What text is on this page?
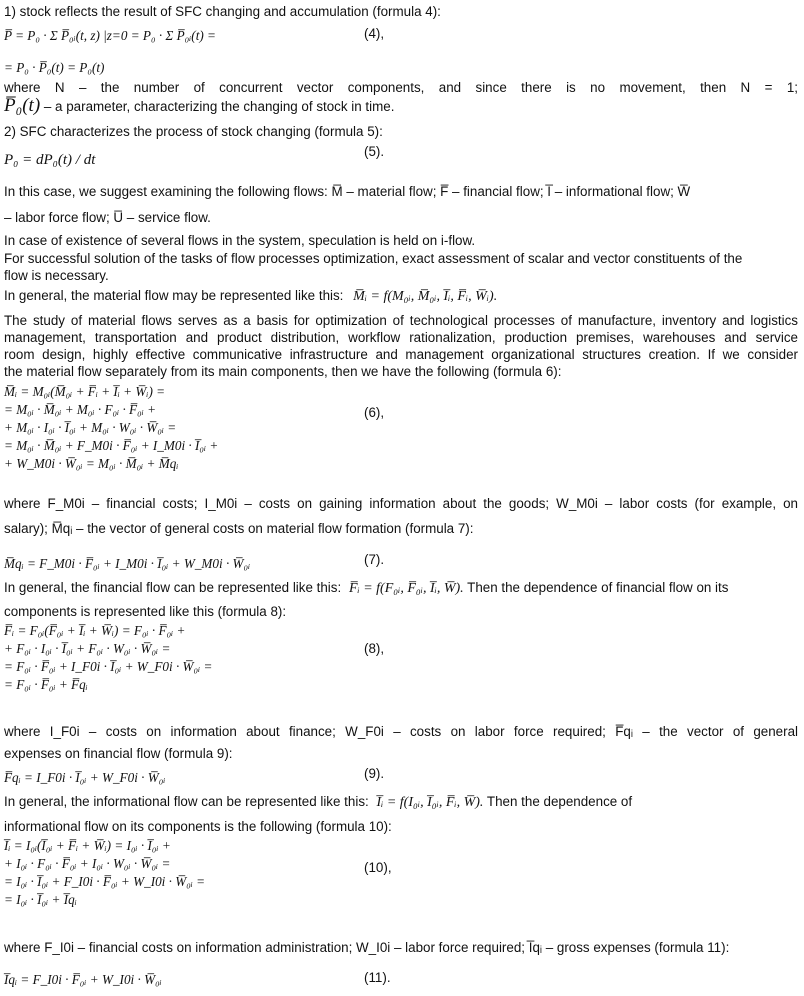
1) stock reflects the result of SFC changing and accumulation (formula 4):
P̅ = P₀ · Σ P̅₀ᵢ(t, z) |z=0 = P₀ · Σ P̅₀ᵢ(t) =	(4),
= P₀ · P̅₀(t) = P₀(t)
where N – the number of concurrent vector components, and since there is no movement, then N = 1;
P̅₀(t) – a parameter, characterizing the changing of stock in time.
2) SFC characterizes the process of stock changing (formula 5):
P₀ = dP₀(t) / dt
(5).
In this case, we suggest examining the following flows: M̅ – material flow; F̅ – financial flow; I̅ – informational flow; W̅
– labor force flow; U̅ – service flow.
In case of existence of several flows in the system, speculation is held on i-flow.
For successful solution of the tasks of flow processes optimization, exact assessment of scalar and vector constituents of the
flow is necessary.
In general, the material flow may be represented like this: M̅ᵢ = f(M₀ᵢ, M̅₀ᵢ, I̅ᵢ, F̅ᵢ, W̅ᵢ).
The study of material flows serves as a basis for optimization of technological processes of manufacture, inventory and logistics
management, transportation and product distribution, workflow rationalization, production premises, warehouses and service
room design, highly effective communicative infrastructure and management organizational structures creation. If we consider
the material flow separately from its main components, then we have the following (formula 6):
M̅ᵢ = M₀ᵢ(M̅₀ᵢ + F̅ᵢ + I̅ᵢ + W̅ᵢ) =
= M₀ᵢ · M̅₀ᵢ + M₀ᵢ · F₀ᵢ · F̅₀ᵢ +	(6),
+ M₀ᵢ · I₀ᵢ · I̅₀ᵢ + M₀ᵢ · W₀ᵢ · W̅₀ᵢ =
= M₀ᵢ · M̅₀ᵢ + F_M0i · F̅₀ᵢ + I_M0i · I̅₀ᵢ +
+ W_M0i · W̅₀ᵢ = M₀ᵢ · M̅₀ᵢ + M̅qᵢ
where F_M0i – financial costs; I_M0i – costs on gaining information about the goods; W_M0i – labor costs (for example, on
salary); M̅qᵢ – the vector of general costs on material flow formation (formula 7):
M̅qᵢ = F_M0i · F̅₀ᵢ + I_M0i · I̅₀ᵢ + W_M0i · W̅₀ᵢ	(7).
In general, the financial flow can be represented like this: F̅ᵢ = f(F₀ᵢ, F̅₀ᵢ, I̅ᵢ, W̅). Then the dependence of financial flow on its
components is represented like this (formula 8):
F̅ᵢ = F₀ᵢ(F̅₀ᵢ + I̅ᵢ + W̅ᵢ) = F₀ᵢ · F̅₀ᵢ +
+ F₀ᵢ · I₀ᵢ · I̅₀ᵢ + F₀ᵢ · W₀ᵢ · W̅₀ᵢ =	(8),
= F₀ᵢ · F̅₀ᵢ + I_F0i · I̅₀ᵢ + W_F0i · W̅₀ᵢ =
= F₀ᵢ · F̅₀ᵢ + F̅qᵢ
where I_F0i – costs on information about finance; W_F0i – costs on labor force required; F̅qᵢ – the vector of general
expenses on financial flow (formula 9):
F̅qᵢ = I_F0i · I̅₀ᵢ + W_F0i · W̅₀ᵢ	(9).
In general, the informational flow can be represented like this: I̅ᵢ = f(I₀ᵢ, I̅₀ᵢ, F̅ᵢ, W̅). Then the dependence of
informational flow on its components is the following (formula 10):
I̅ᵢ = I₀ᵢ(I̅₀ᵢ + F̅ᵢ + W̅ᵢ) = I₀ᵢ · I̅₀ᵢ +
+ I₀ᵢ · F₀ᵢ · F̅₀ᵢ + I₀ᵢ · W₀ᵢ · W̅₀ᵢ =	(10),
= I₀ᵢ · I̅₀ᵢ + F_I0i · F̅₀ᵢ + W_I0i · W̅₀ᵢ =
= I₀ᵢ · I̅₀ᵢ + I̅qᵢ
where F_I0i – financial costs on information administration; W_I0i – labor force required; I̅qᵢ – gross expenses (formula 11):
I̅qᵢ = F_I0i · F̅₀ᵢ + W_I0i · W̅₀ᵢ	(11).
